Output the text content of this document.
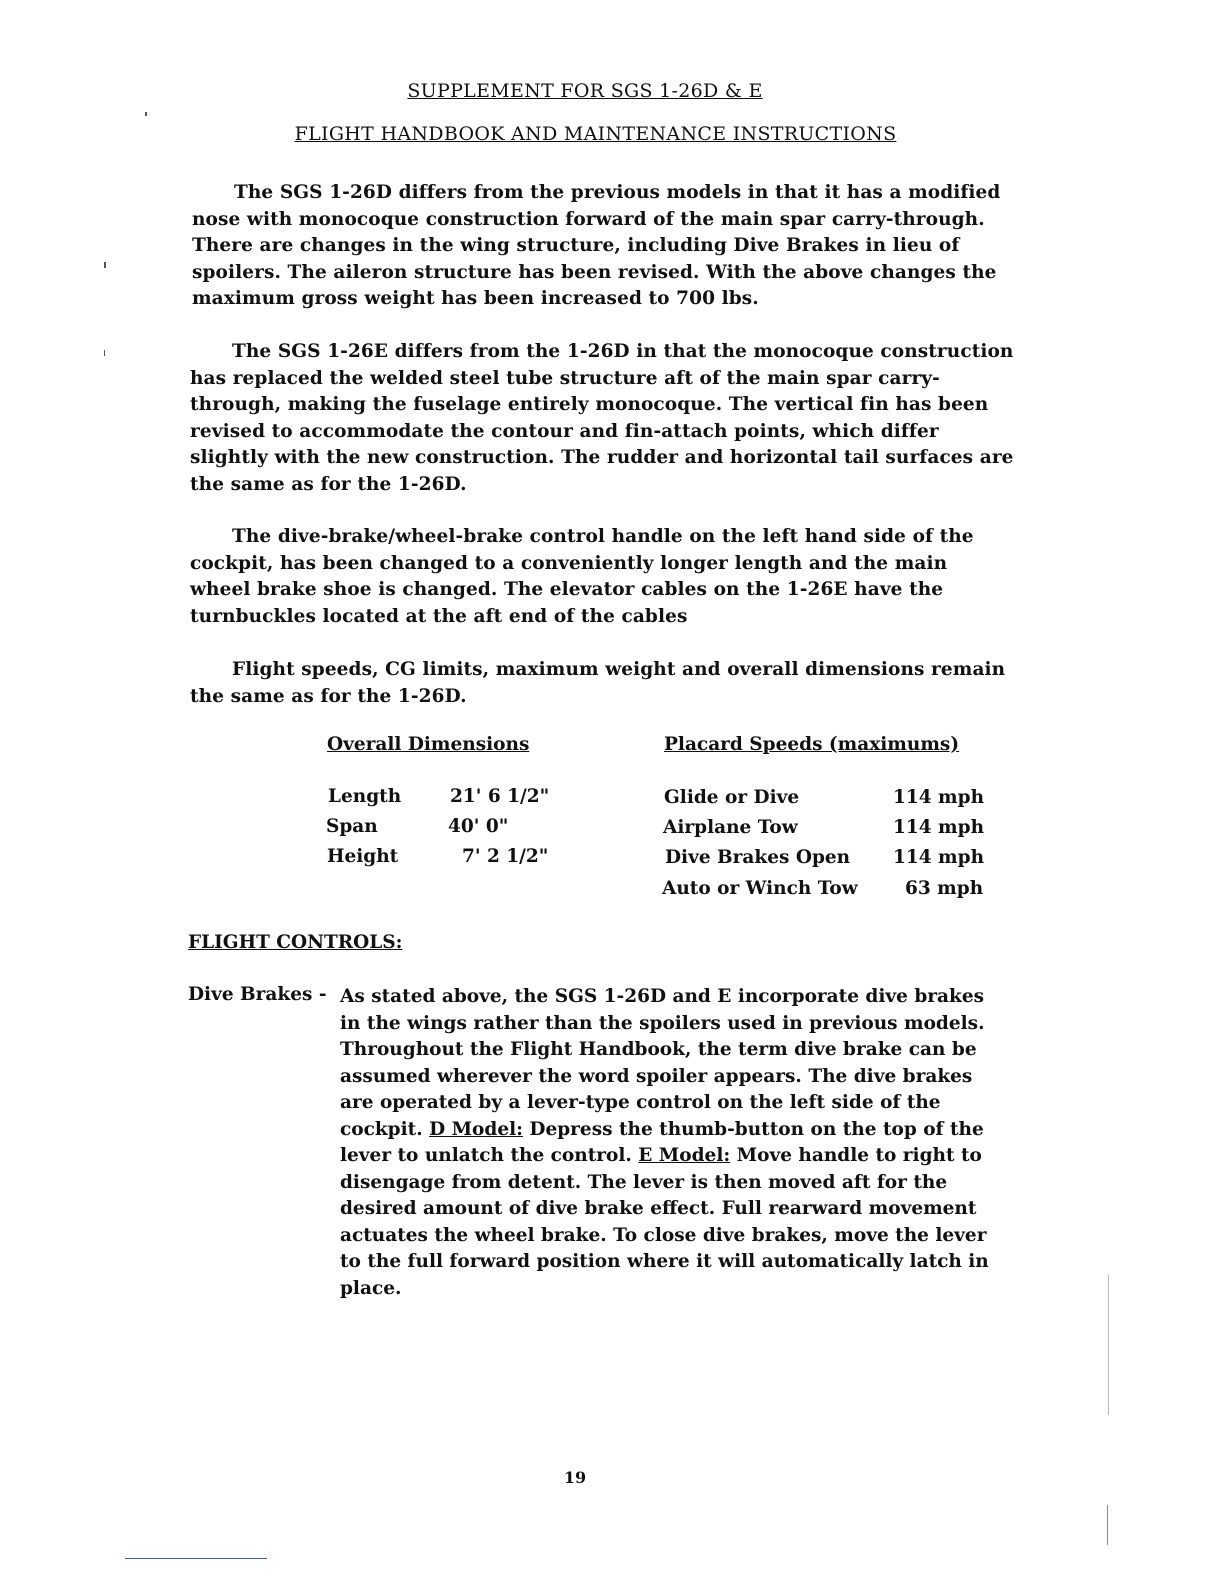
SUPPLEMENT FOR SGS 1-26D & E
FLIGHT HANDBOOK AND MAINTENANCE INSTRUCTIONS

The SGS 1-26D differs from the previous models in that it has a modified nose with monocoque construction forward of the main spar carry-through. There are changes in the wing structure, including Dive Brakes in lieu of spoilers. The aileron structure has been revised. With the above changes the maximum gross weight has been increased to 700 lbs.

The SGS 1-26E differs from the 1-26D in that the monocoque construction has replaced the welded steel tube structure aft of the main spar carry-through, making the fuselage entirely monocoque. The vertical fin has been revised to accommodate the contour and fin-attach points, which differ slightly with the new construction. The rudder and horizontal tail surfaces are the same as for the 1-26D.

The dive-brake/wheel-brake control handle on the left hand side of the cockpit, has been changed to a conveniently longer length and the main wheel brake shoe is changed. The elevator cables on the 1-26E have the turnbuckles located at the aft end of the cables

Flight speeds, CG limits, maximum weight and overall dimensions remain the same as for the 1-26D.

Overall Dimensions	Placard Speeds (maximums)
Length	21' 6 1/2"
Span	40' 0"
Height	7' 2 1/2"
Glide or Dive	114 mph
Airplane Tow	114 mph
Dive Brakes Open 114 mph
Auto or Winch Tow	63 mph
FLIGHT CONTROLS:
Dive Brakes - As stated above, the SGS 1-26D and E incorporate dive brakes in the wings rather than the spoilers used in previous models. Throughout the Flight Handbook, the term dive brake can be assumed wherever the word spoiler appears. The dive brakes are operated by a lever-type control on the left side of the cockpit. D Model: Depress the thumb-button on the top of the lever to unlatch the control. E Model: Move handle to right to disengage from detent. The lever is then moved aft for the desired amount of dive brake effect. Full rearward movement actuates the wheel brake. To close dive brakes, move the lever to the full forward position where it will automatically latch in place.

19
